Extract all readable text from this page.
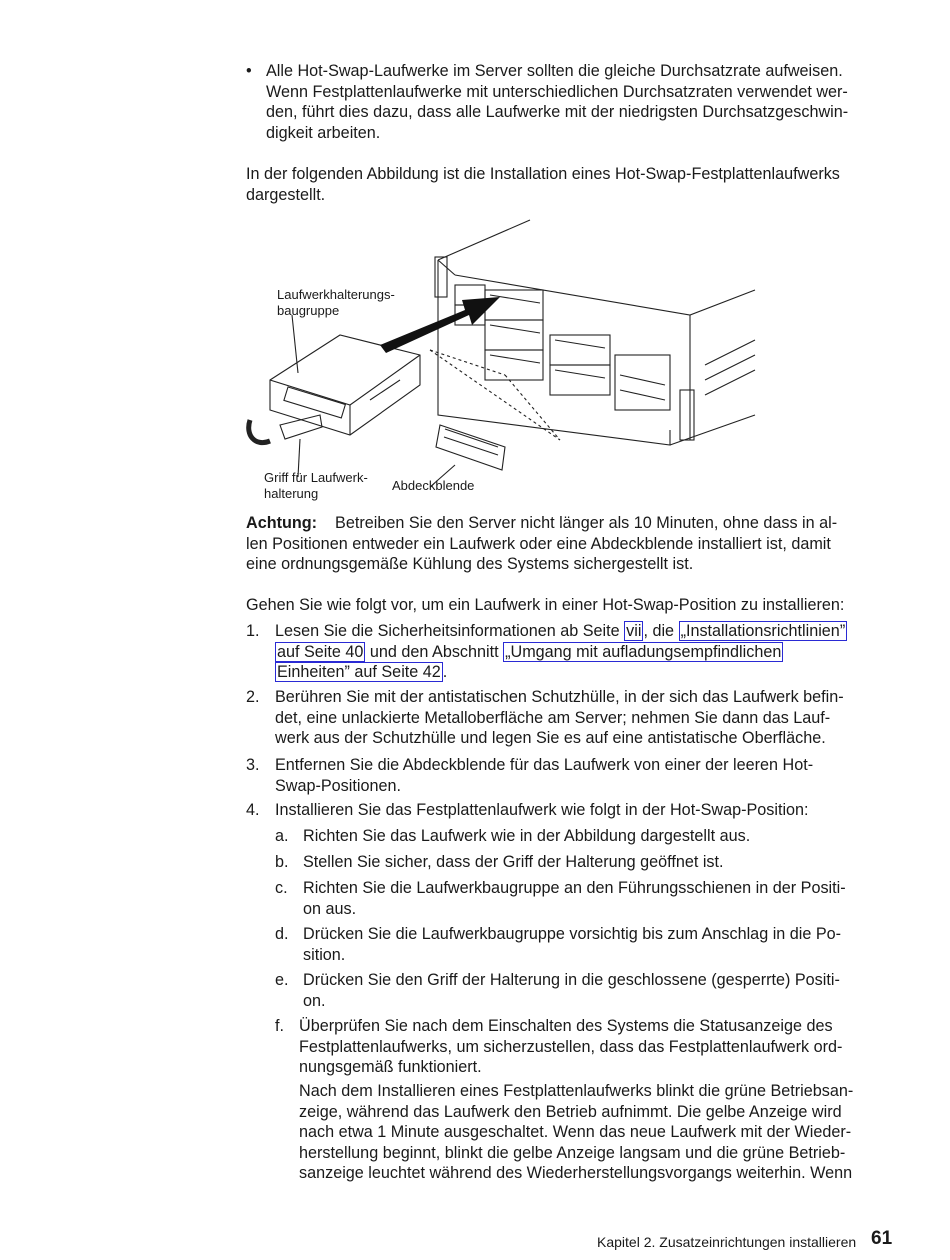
• Alle Hot-Swap-Laufwerke im Server sollten die gleiche Durchsatzrate aufweisen.
Wenn Festplattenlaufwerke mit unterschiedlichen Durchsatzraten verwendet wer-
den, führt dies dazu, dass alle Laufwerke mit der niedrigsten Durchsatzgeschwin-
digkeit arbeiten.
In der folgenden Abbildung ist die Installation eines Hot-Swap-Festplattenlaufwerks
dargestellt.
Laufwerkhalterungs-
baugruppe
Griff für Laufwerk-
halterung
Abdeckblende
Achtung: Betreiben Sie den Server nicht länger als 10 Minuten, ohne dass in al-
len Positionen entweder ein Laufwerk oder eine Abdeckblende installiert ist, damit
eine ordnungsgemäße Kühlung des Systems sichergestellt ist.
Gehen Sie wie folgt vor, um ein Laufwerk in einer Hot-Swap-Position zu installieren:
1. Lesen Sie die Sicherheitsinformationen ab Seite vii , die „Installationsrichtlinien”
auf Seite 40 und den Abschnitt „Umgang mit aufladungsempfindlichen
Einheiten” auf Seite 42 .
2. Berühren Sie mit der antistatischen Schutzhülle, in der sich das Laufwerk befin-
det, eine unlackierte Metalloberfläche am Server; nehmen Sie dann das Lauf-
werk aus der Schutzhülle und legen Sie es auf eine antistatische Oberfläche.
3. Entfernen Sie die Abdeckblende für das Laufwerk von einer der leeren Hot-
Swap-Positionen.
4. Installieren Sie das Festplattenlaufwerk wie folgt in der Hot-Swap-Position:
a. Richten Sie das Laufwerk wie in der Abbildung dargestellt aus.
b. Stellen Sie sicher, dass der Griff der Halterung geöffnet ist.
c. Richten Sie die Laufwerkbaugruppe an den Führungsschienen in der Positi-
on aus.
d. Drücken Sie die Laufwerkbaugruppe vorsichtig bis zum Anschlag in die Po-
sition.
e. Drücken Sie den Griff der Halterung in die geschlossene (gesperrte) Positi-
on.
f. Überprüfen Sie nach dem Einschalten des Systems die Statusanzeige des
Festplattenlaufwerks, um sicherzustellen, dass das Festplattenlaufwerk ord-
nungsgemäß funktioniert.
Nach dem Installieren eines Festplattenlaufwerks blinkt die grüne Betriebsan-
zeige, während das Laufwerk den Betrieb aufnimmt. Die gelbe Anzeige wird
nach etwa 1 Minute ausgeschaltet. Wenn das neue Laufwerk mit der Wieder-
herstellung beginnt, blinkt die gelbe Anzeige langsam und die grüne Betrieb-
sanzeige leuchtet während des Wiederherstellungsvorgangs weiterhin. Wenn
Kapitel 2. Zusatzeinrichtungen installieren 61
